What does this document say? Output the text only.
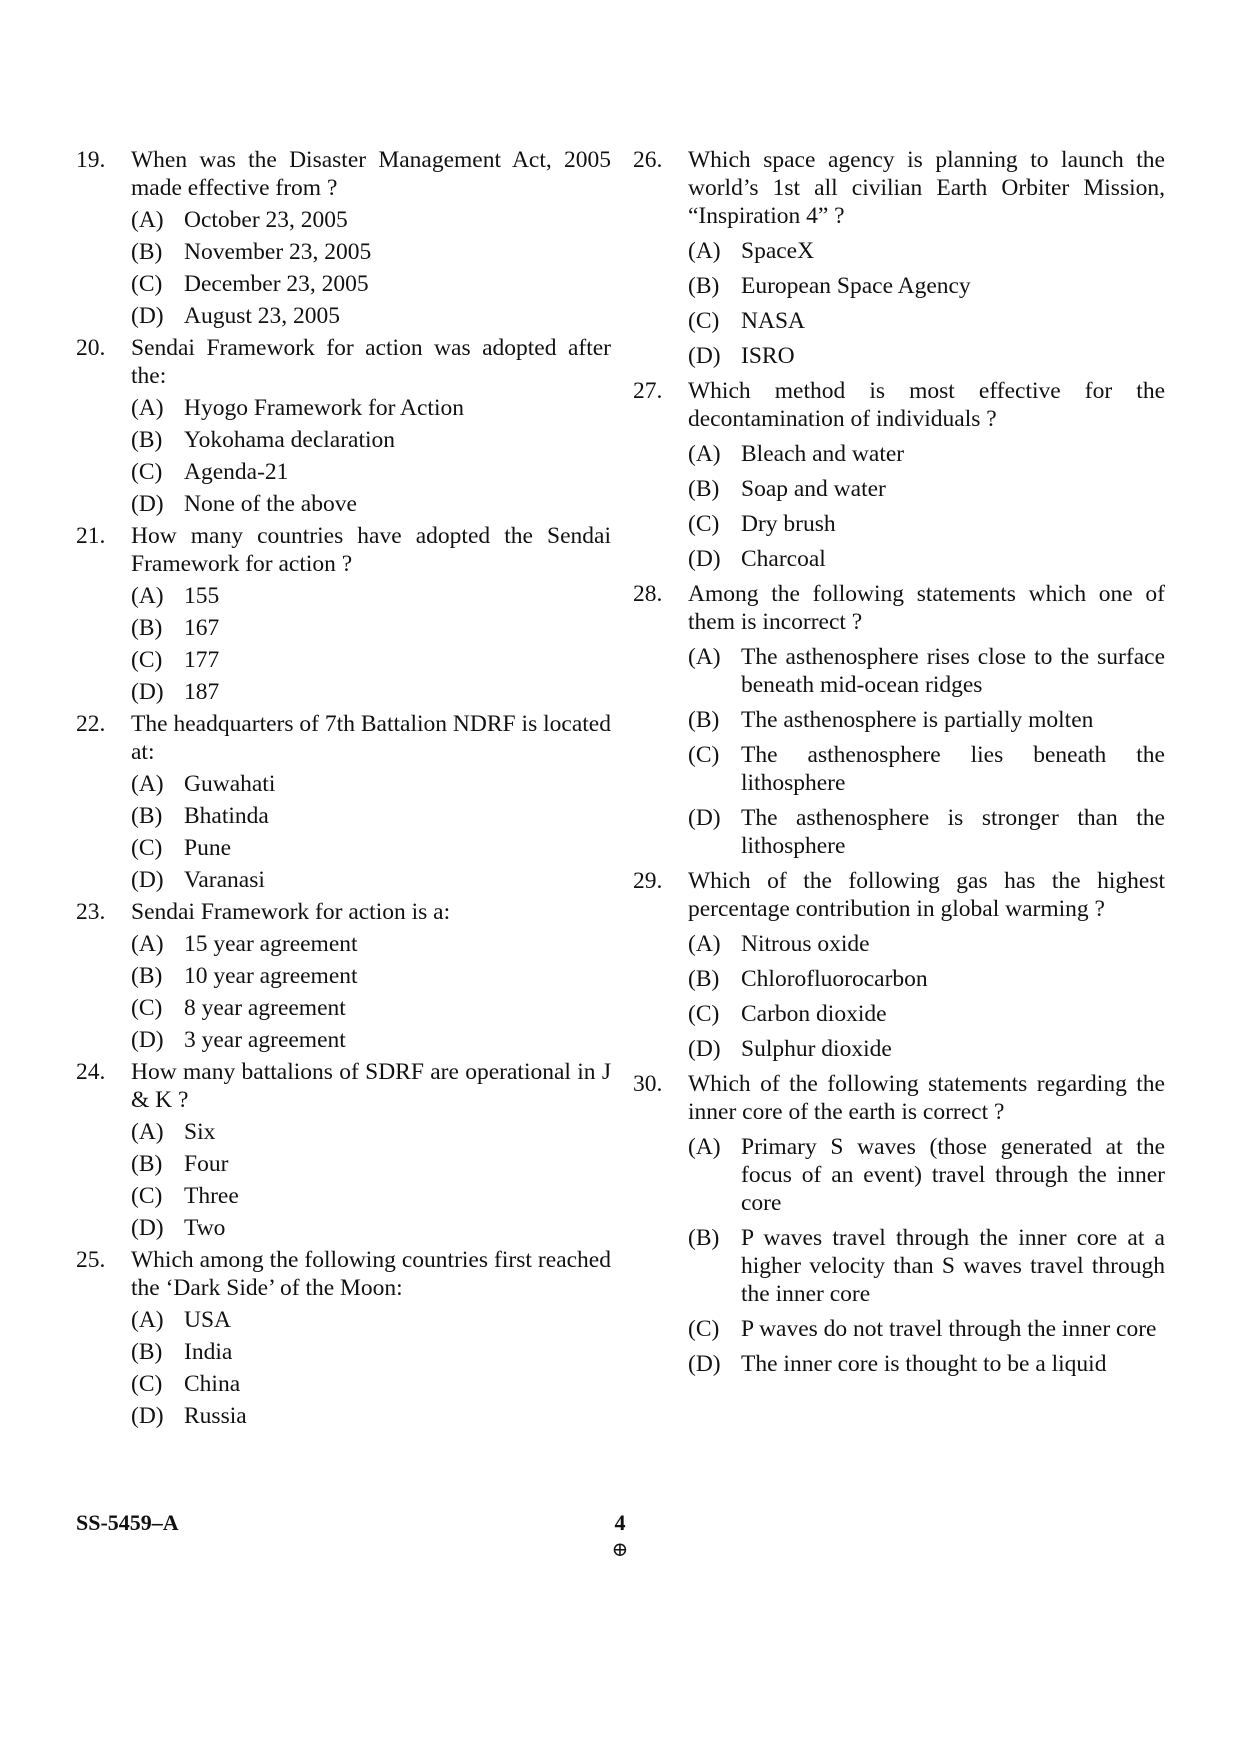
19.	When was the Disaster Management Act, 2005 made effective from ?
(A) October 23, 2005
(B) November 23, 2005
(C) December 23, 2005
(D) August 23, 2005
20.	Sendai Framework for action was adopted after the:
(A) Hyogo Framework for Action
(B) Yokohama declaration
(C) Agenda-21
(D) None of the above
21.	How many countries have adopted the Sendai Framework for action ?
(A) 155
(B) 167
(C) 177
(D) 187
22.	The headquarters of 7th Battalion NDRF is located at:
(A) Guwahati
(B) Bhatinda
(C) Pune
(D) Varanasi
23.	Sendai Framework for action is a:
(A) 15 year agreement
(B) 10 year agreement
(C) 8 year agreement
(D) 3 year agreement
24.	How many battalions of SDRF are operational in J & K ?
(A) Six
(B) Four
(C) Three
(D) Two
25.	Which among the following countries first reached the ‘Dark Side’ of the Moon:
(A) USA
(B) India
(C) China
(D) Russia
26.	Which space agency is planning to launch the world’s 1st all civilian Earth Orbiter Mission, “Inspiration 4” ?
(A) SpaceX
(B) European Space Agency
(C) NASA
(D) ISRO
27.	Which method is most effective for the decontamination of individuals ?
(A) Bleach and water
(B) Soap and water
(C) Dry brush
(D) Charcoal
28.	Among the following statements which one of them is incorrect ?
(A) The asthenosphere rises close to the surface beneath mid-ocean ridges
(B) The asthenosphere is partially molten
(C) The asthenosphere lies beneath the lithosphere
(D) The asthenosphere is stronger than the lithosphere
29.	Which of the following gas has the highest percentage contribution in global warming ?
(A) Nitrous oxide
(B) Chlorofluorocarbon
(C) Carbon dioxide
(D) Sulphur dioxide
30.	Which of the following statements regarding the inner core of the earth is correct ?
(A) Primary S waves (those generated at the focus of an event) travel through the inner core
(B) P waves travel through the inner core at a higher velocity than S waves travel through the inner core
(C) P waves do not travel through the inner core
(D) The inner core is thought to be a liquid
SS-5459–A	4
⊕
